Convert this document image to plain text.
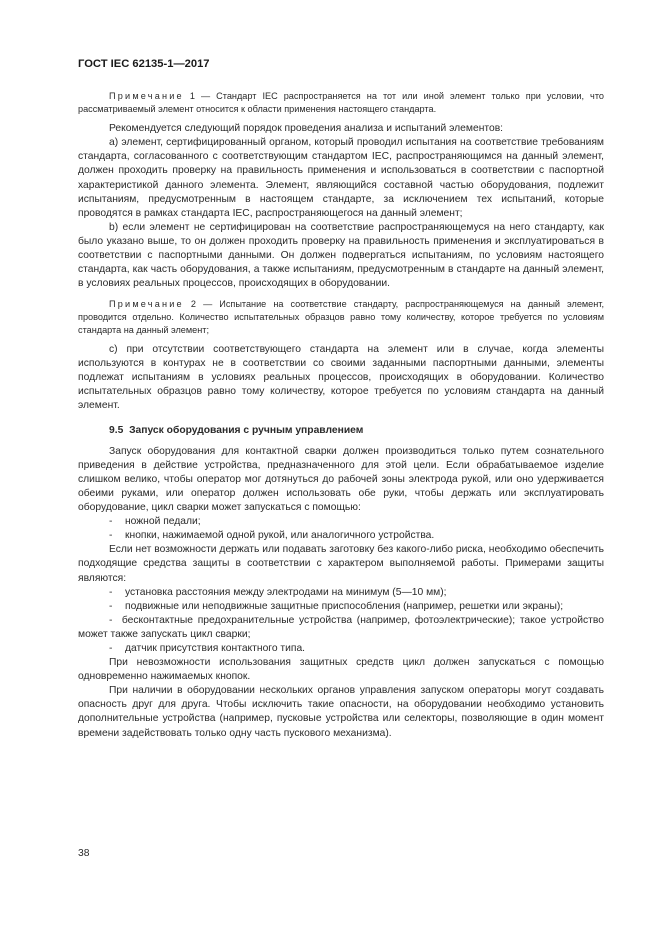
ГОСТ IEC 62135-1—2017

Примечание 1 — Стандарт IEC распространяется на тот или иной элемент только при условии, что рассматриваемый элемент относится к области применения настоящего стандарта.

Рекомендуется следующий порядок проведения анализа и испытаний элементов:

a) элемент, сертифицированный органом, который проводил испытания на соответствие требованиям стандарта, согласованного с соответствующим стандартом IEC, распространяющимся на данный элемент, должен проходить проверку на правильность применения и использоваться в соответствии с паспортной характеристикой данного элемента. Элемент, являющийся составной частью оборудования, подлежит испытаниям, предусмотренным в настоящем стандарте, за исключением тех испытаний, которые проводятся в рамках стандарта IEC, распространяющегося на данный элемент;

b) если элемент не сертифицирован на соответствие распространяющемуся на него стандарту, как было указано выше, то он должен проходить проверку на правильность применения и эксплуатироваться в соответствии с паспортными данными. Он должен подвергаться испытаниям, по условиям настоящего стандарта, как часть оборудования, а также испытаниям, предусмотренным в стандарте на данный элемент, в условиях реальных процессов, происходящих в оборудовании.

Примечание 2 — Испытание на соответствие стандарту, распространяющемуся на данный элемент, проводится отдельно. Количество испытательных образцов равно тому количеству, которое требуется по условиям стандарта на данный элемент;

c) при отсутствии соответствующего стандарта на элемент или в случае, когда элементы используются в контурах не в соответствии со своими заданными паспортными данными, элементы подлежат испытаниям в условиях реальных процессов, происходящих в оборудовании. Количество испытательных образцов равно тому количеству, которое требуется по условиям стандарта на данный элемент.

9.5 Запуск оборудования с ручным управлением

Запуск оборудования для контактной сварки должен производиться только путем сознательного приведения в действие устройства, предназначенного для этой цели. Если обрабатываемое изделие слишком велико, чтобы оператор мог дотянуться до рабочей зоны электрода рукой, или оно удерживается обеими руками, или оператор должен использовать обе руки, чтобы держать или эксплуатировать оборудование, цикл сварки может запускаться с помощью:

-	ножной педали;

-	кнопки, нажимаемой одной рукой, или аналогичного устройства.

Если нет возможности держать или подавать заготовку без какого-либо риска, необходимо обеспечить подходящие средства защиты в соответствии с характером выполняемой работы. Примерами защиты являются:

-	установка расстояния между электродами на минимум (5—10 мм);

-	подвижные или неподвижные защитные приспособления (например, решетки или экраны);

- бесконтактные предохранительные устройства (например, фотоэлектрические); такое устройство может также запускать цикл сварки;

-	датчик присутствия контактного типа.

При невозможности использования защитных средств цикл должен запускаться с помощью одновременно нажимаемых кнопок.

При наличии в оборудовании нескольких органов управления запуском операторы могут создавать опасность друг для друга. Чтобы исключить такие опасности, на оборудовании необходимо установить дополнительные устройства (например, пусковые устройства или селекторы, позволяющие в один момент времени задействовать только одну часть пускового механизма).

38
